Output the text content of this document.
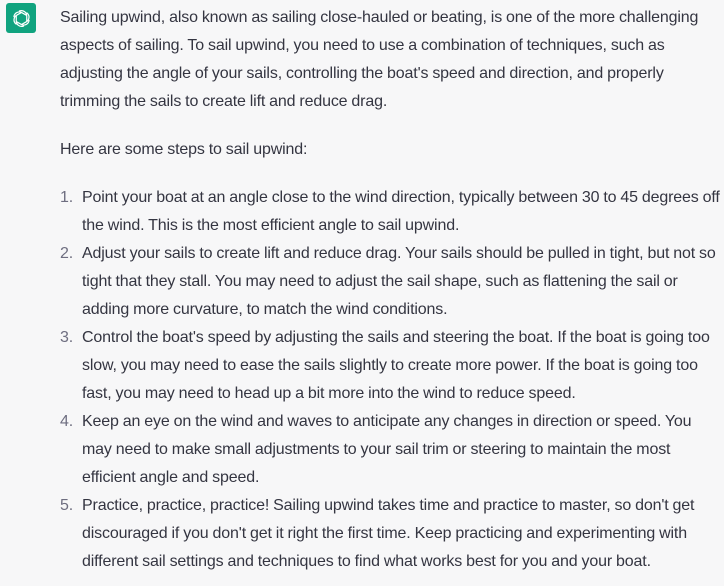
Sailing upwind, also known as sailing close-hauled or beating, is one of the more challenging aspects of sailing. To sail upwind, you need to use a combination of techniques, such as adjusting the angle of your sails, controlling the boat's speed and direction, and properly trimming the sails to create lift and reduce drag.

Here are some steps to sail upwind:

1. Point your boat at an angle close to the wind direction, typically between 30 to 45 degrees off the wind. This is the most efficient angle to sail upwind.
2. Adjust your sails to create lift and reduce drag. Your sails should be pulled in tight, but not so tight that they stall. You may need to adjust the sail shape, such as flattening the sail or adding more curvature, to match the wind conditions.
3. Control the boat's speed by adjusting the sails and steering the boat. If the boat is going too slow, you may need to ease the sails slightly to create more power. If the boat is going too fast, you may need to head up a bit more into the wind to reduce speed.
4. Keep an eye on the wind and waves to anticipate any changes in direction or speed. You may need to make small adjustments to your sail trim or steering to maintain the most efficient angle and speed.
5. Practice, practice, practice! Sailing upwind takes time and practice to master, so don't get discouraged if you don't get it right the first time. Keep practicing and experimenting with different sail settings and techniques to find what works best for you and your boat.
